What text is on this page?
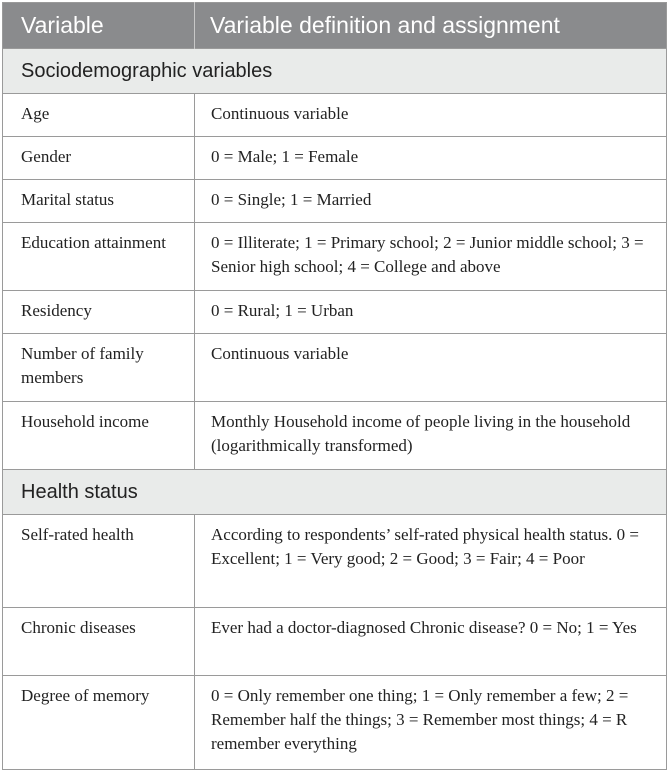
Variable	Variable definition and assignment
Sociodemographic variables	
Age	Continuous variable
Gender	0 = Male; 1 = Female
Marital status	0 = Single; 1 = Married
Education attainment	0 = Illiterate; 1 = Primary school; 2 = Junior middle school; 3 = Senior high school; 4 = College and above
Residency	0 = Rural; 1 = Urban
Number of family members	Continuous variable
Household income	Monthly Household income of people living in the household (logarithmically transformed)
Health status	
Self-rated health	According to respondents’ self-rated physical health status. 0 = Excellent; 1 = Very good; 2 = Good; 3 = Fair; 4 = Poor
Chronic diseases	Ever had a doctor-diagnosed Chronic disease? 0 = No; 1 = Yes
Degree of memory	0 = Only remember one thing; 1 = Only remember a few; 2 = Remember half the things; 3 = Remember most things; 4 = R remember everything
